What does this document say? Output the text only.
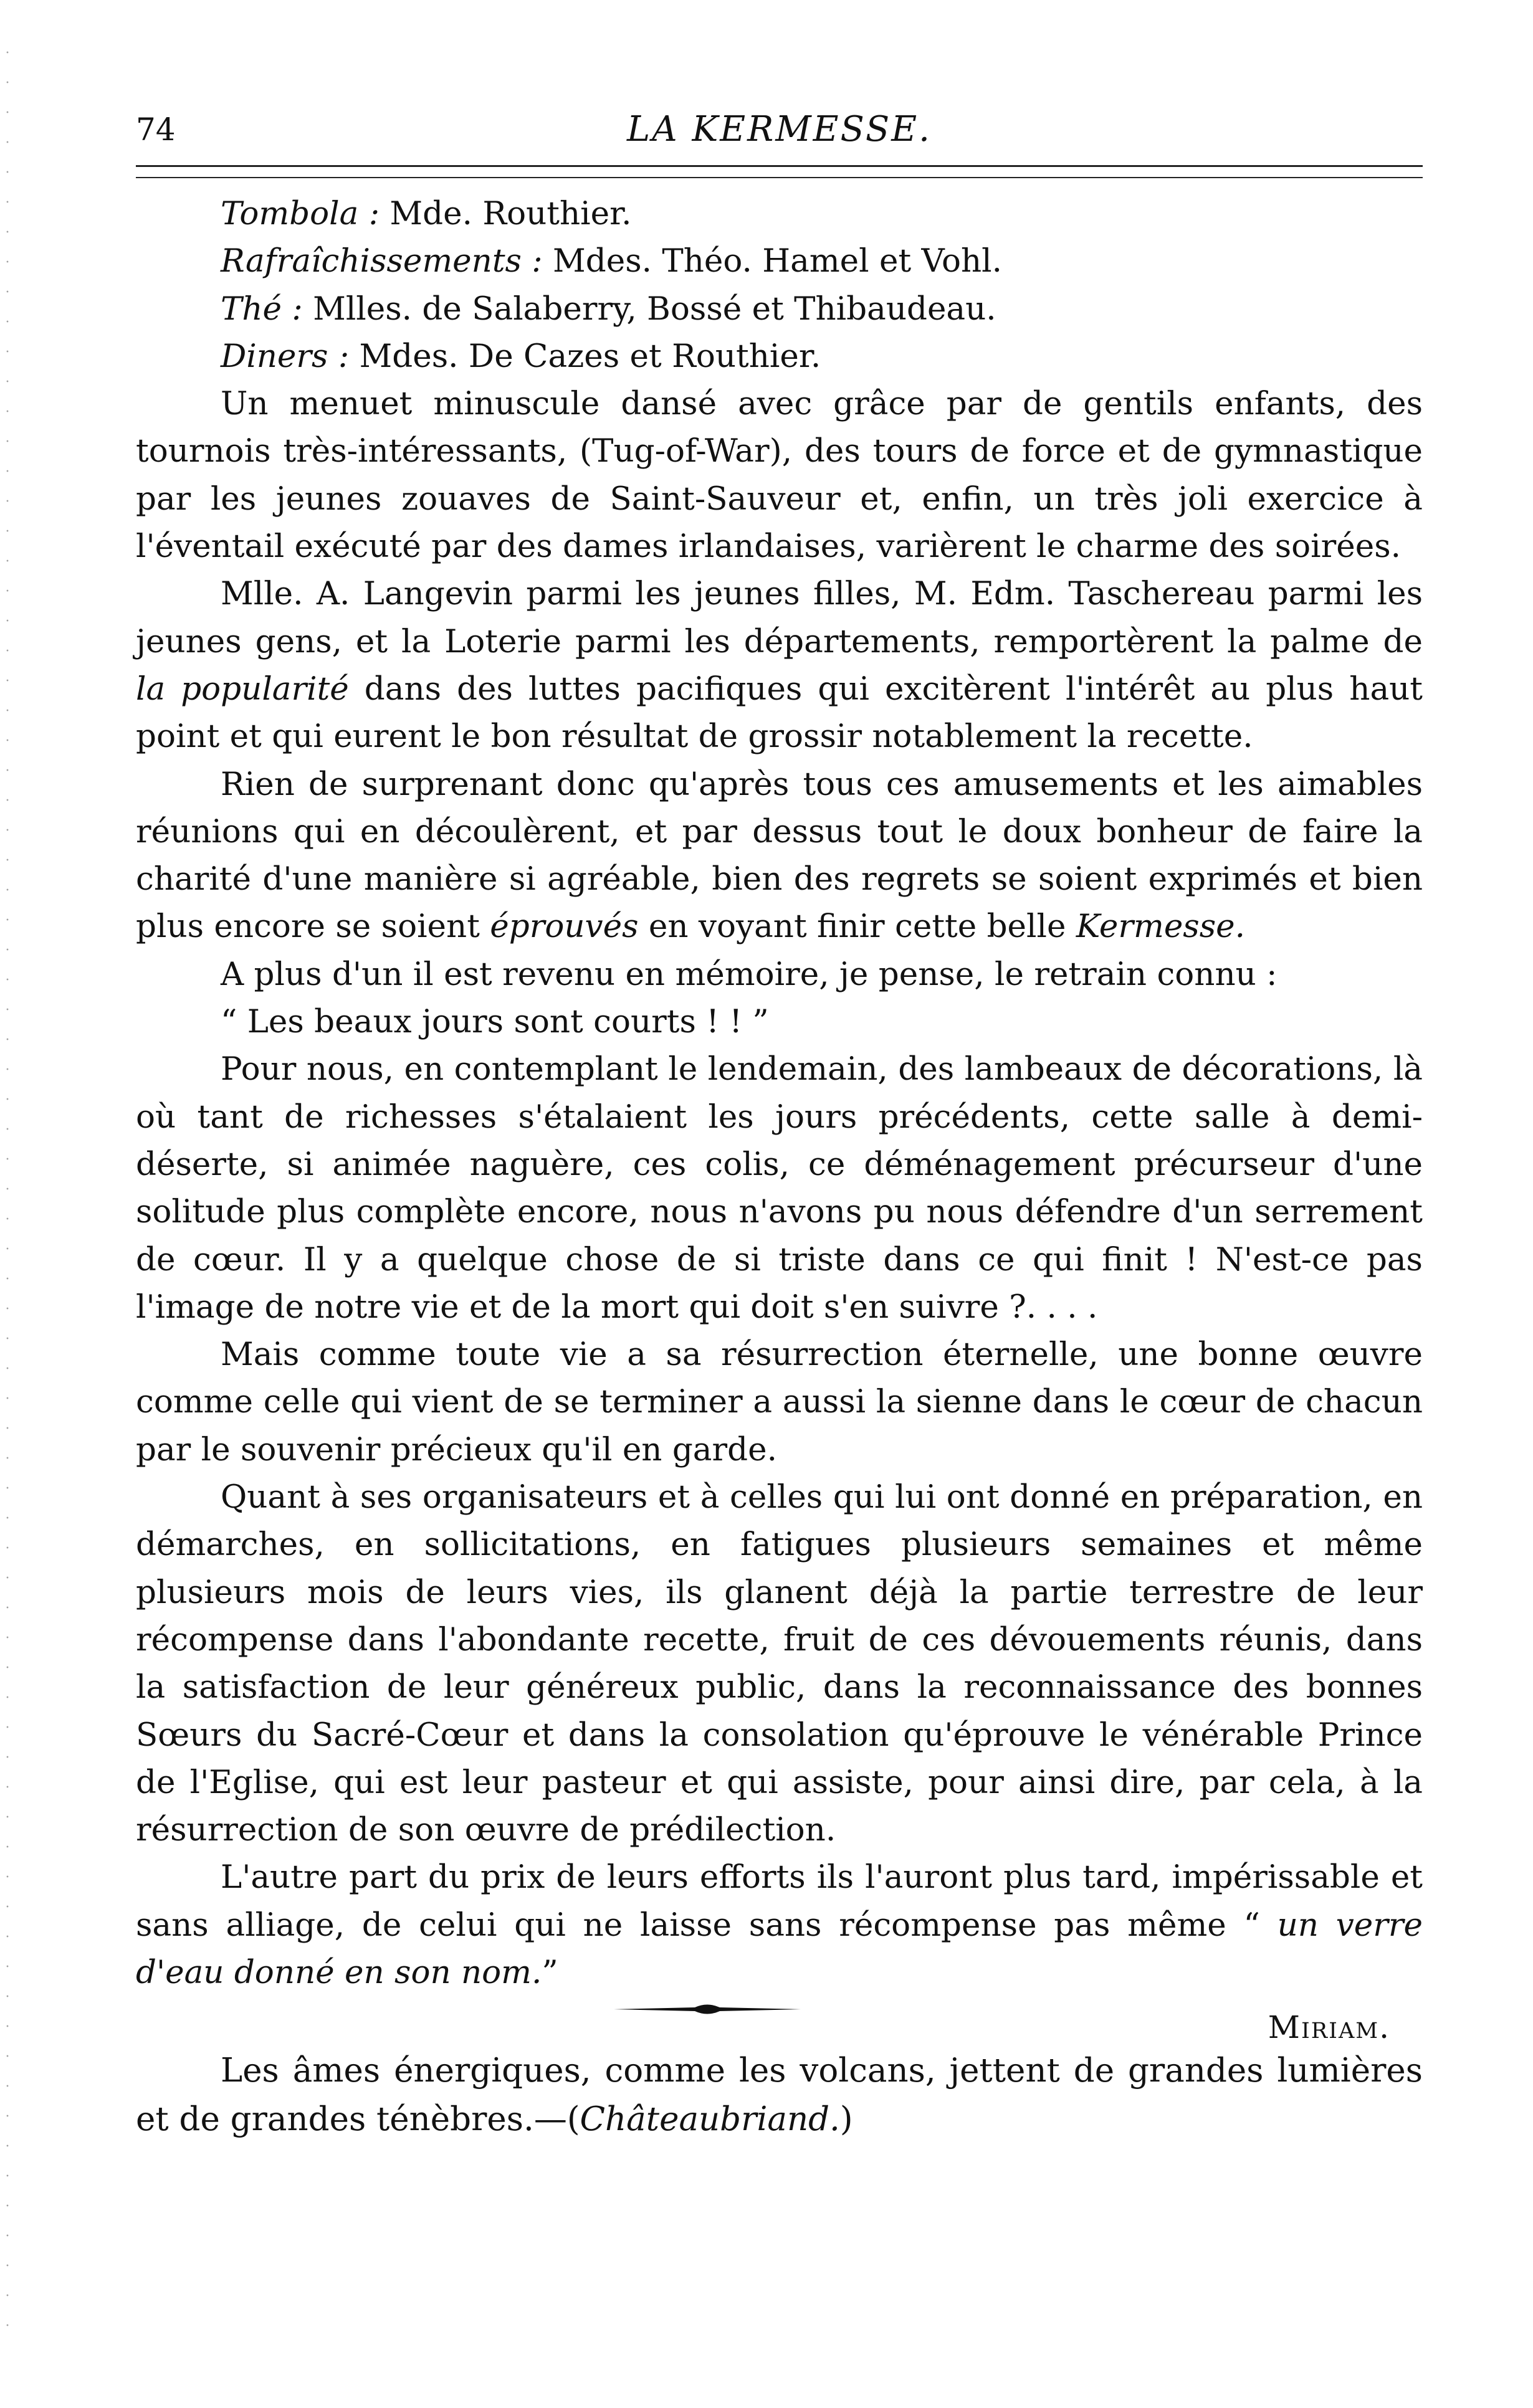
74	LA KERMESSE.
Tombola : Mde. Routhier.
Rafraîchissements : Mdes. Théo. Hamel et Vohl.
Thé : Mlles. de Salaberry, Bossé et Thibaudeau.
Diners : Mdes. De Cazes et Routhier.

Un menuet minuscule dansé avec grâce par de gentils enfants, des tournois très-intéressants, (Tug-of-War), des tours de force et de gymnastique par les jeunes zouaves de Saint-Sauveur et, enfin, un très joli exercice à l'éventail exécuté par des dames irlandaises, varièrent le charme des soirées.

Mlle. A. Langevin parmi les jeunes filles, M. Edm. Taschereau parmi les jeunes gens, et la Loterie parmi les départements, remportèrent la palme de la popularité dans des luttes pacifiques qui excitèrent l'intérêt au plus haut point et qui eurent le bon résultat de grossir notablement la recette.

Rien de surprenant donc qu'après tous ces amusements et les aimables réunions qui en découlèrent, et par dessus tout le doux bonheur de faire la charité d'une manière si agréable, bien des regrets se soient exprimés et bien plus encore se soient éprouvés en voyant finir cette belle Kermesse.

A plus d'un il est revenu en mémoire, je pense, le retrain connu :

“ Les beaux jours sont courts ! ! ”

Pour nous, en contemplant le lendemain, des lambeaux de décorations, là où tant de richesses s'étalaient les jours précédents, cette salle à demi-déserte, si animée naguère, ces colis, ce déménagement précurseur d'une solitude plus complète encore, nous n'avons pu nous défendre d'un serrement de cœur. Il y a quelque chose de si triste dans ce qui finit ! N'est-ce pas l'image de notre vie et de la mort qui doit s'en suivre ?. . . .

Mais comme toute vie a sa résurrection éternelle, une bonne œuvre comme celle qui vient de se terminer a aussi la sienne dans le cœur de chacun par le souvenir précieux qu'il en garde.

Quant à ses organisateurs et à celles qui lui ont donné en préparation, en démarches, en sollicitations, en fatigues plusieurs semaines et même plusieurs mois de leurs vies, ils glanent déjà la partie terrestre de leur récompense dans l'abondante recette, fruit de ces dévouements réunis, dans la satisfaction de leur généreux public, dans la reconnaissance des bonnes Sœurs du Sacré-Cœur et dans la consolation qu'éprouve le vénérable Prince de l'Eglise, qui est leur pasteur et qui assiste, pour ainsi dire, par cela, à la résurrection de son œuvre de prédilection.

L'autre part du prix de leurs efforts ils l'auront plus tard, impérissable et sans alliage, de celui qui ne laisse sans récompense pas même “ un verre d'eau donné en son nom.”

Miriam.

Les âmes énergiques, comme les volcans, jettent de grandes lumières et de grandes ténèbres.—(Châteaubriand.)
